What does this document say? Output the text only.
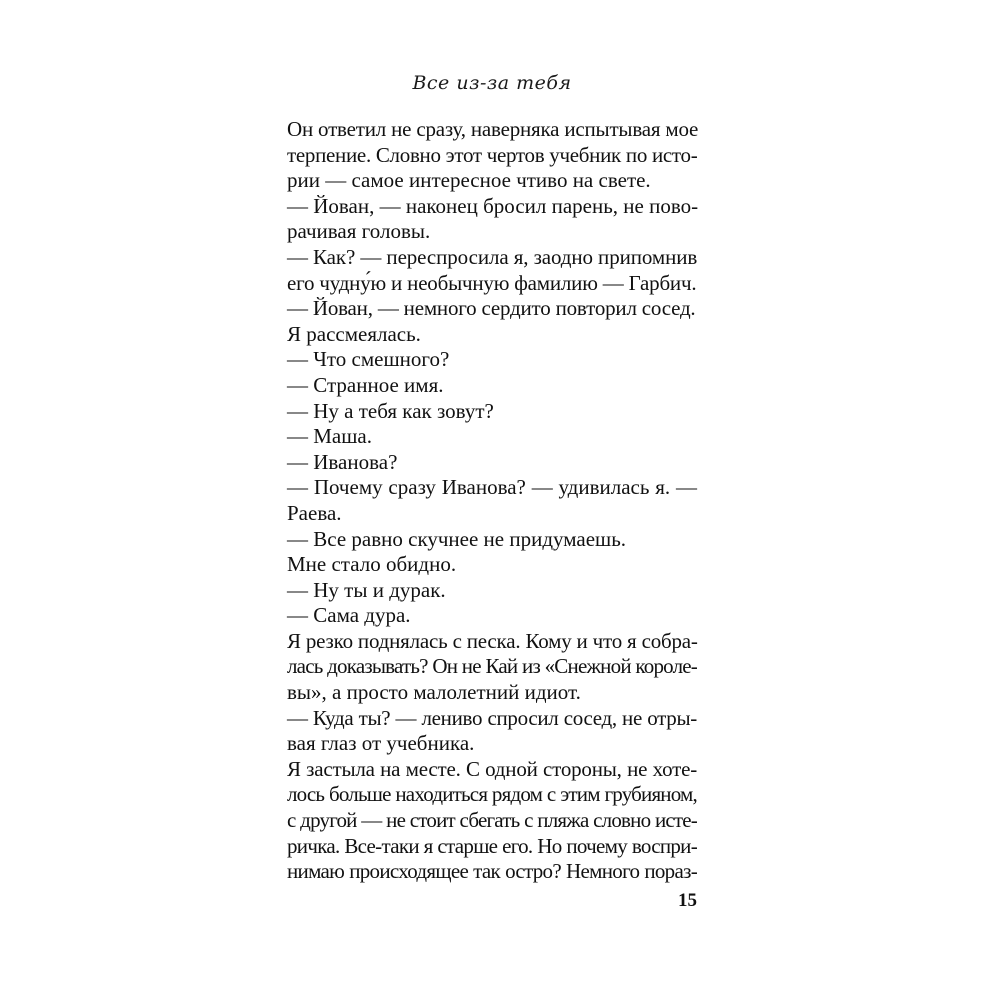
Все из-за тебя
Он ответил не сразу, наверняка испытывая мое
терпение. Словно этот чертов учебник по исто-
рии — самое интересное чтиво на свете.
— Йован, — наконец бросил парень, не пово-
рачивая головы.
— Как? — переспросила я, заодно припомнив
его чудну́ю и необычную фамилию — Гарбич.
— Йован, — немного сердито повторил сосед.
Я рассмеялась.
— Что смешного?
— Странное имя.
— Ну а тебя как зовут?
— Маша.
— Иванова?
— Почему сразу Иванова? — удивилась я. —
Раева.
— Все равно скучнее не придумаешь.
Мне стало обидно.
— Ну ты и дурак.
— Сама дура.
Я резко поднялась с песка. Кому и что я собра-
лась доказывать? Он не Кай из «Снежной короле-
вы», а просто малолетний идиот.
— Куда ты? — лениво спросил сосед, не отры-
вая глаз от учебника.
Я застыла на месте. С одной стороны, не хоте-
лось больше находиться рядом с этим грубияном,
с другой — не стоит сбегать с пляжа словно исте-
ричка. Все-таки я старше его. Но почему воспри-
нимаю происходящее так остро? Немного пораз-
15
